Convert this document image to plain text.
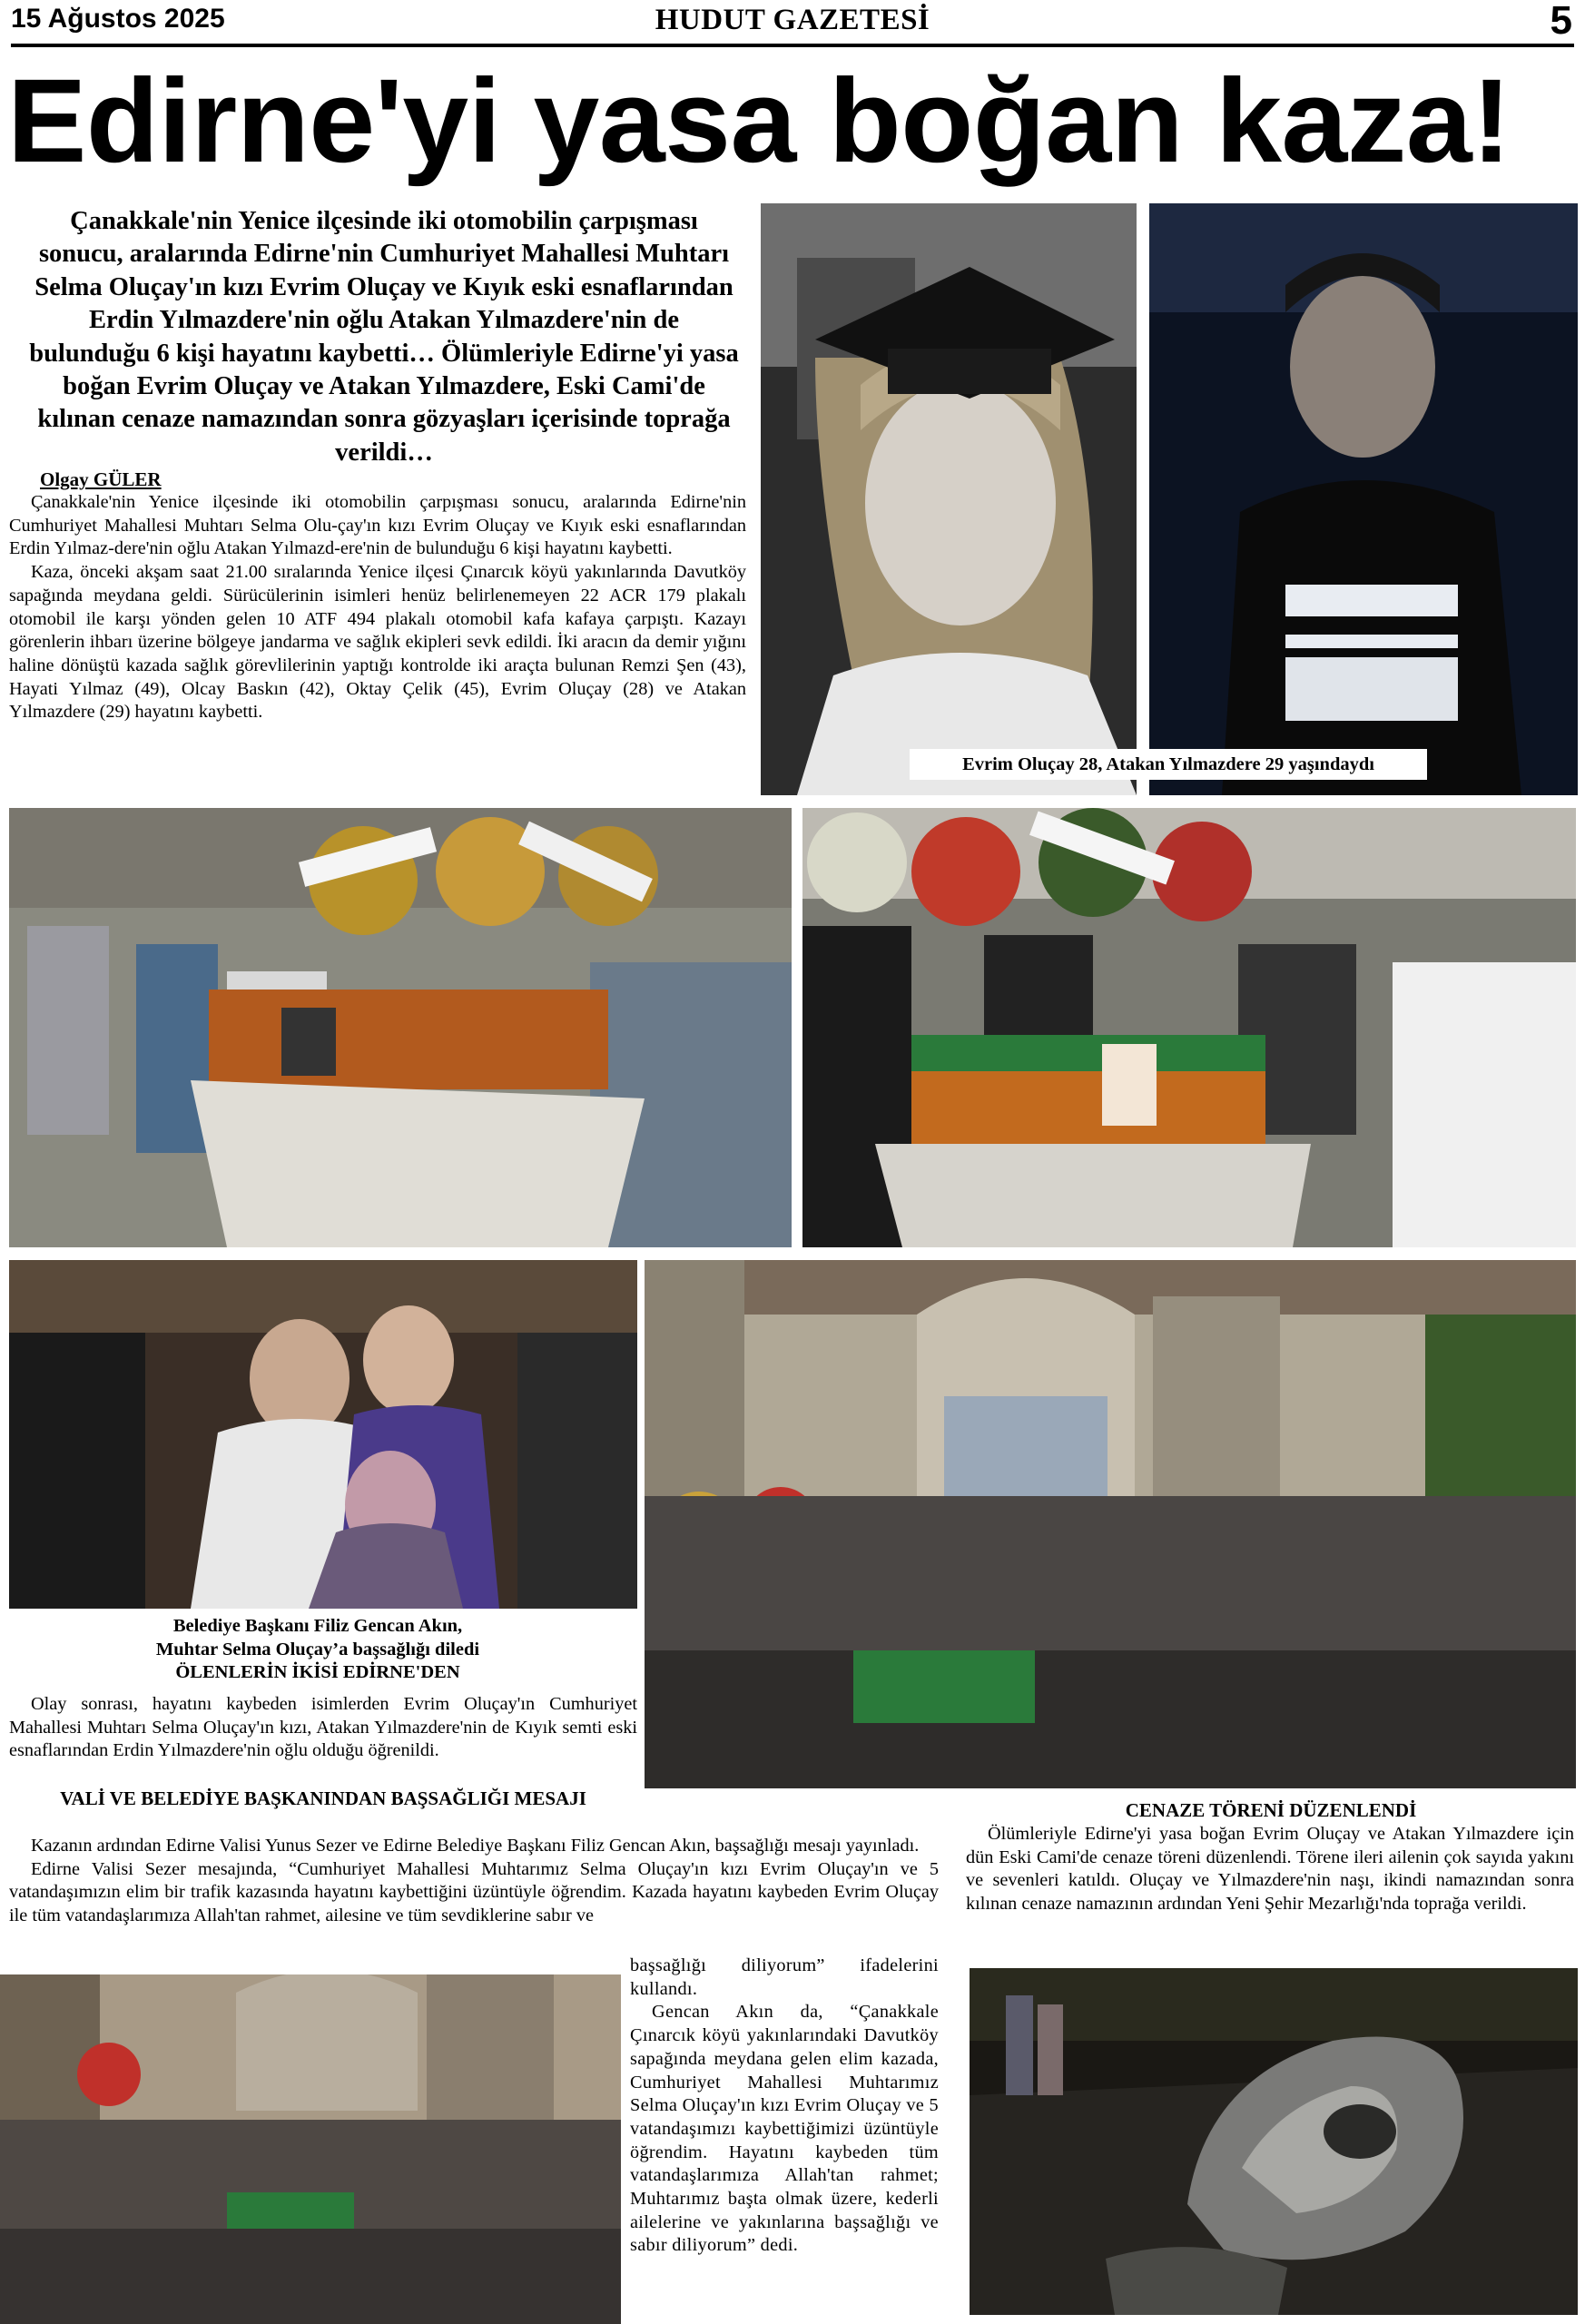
15 Ağustos 2025	HUDUT GAZETESİ	5
Edirne'yi yasa boğan kaza!
Çanakkale'nin Yenice ilçesinde iki otomobilin çarpışması sonucu, aralarında Edirne'nin Cumhuriyet Mahallesi Muhtarı Selma Oluçay'ın kızı Evrim Oluçay ve Kıyık eski esnaflarından Erdin Yılmazdere'nin oğlu Atakan Yılmazdere'nin de bulunduğu 6 kişi hayatını kaybetti… Ölümleriyle Edirne'yi yasa boğan Evrim Oluçay ve Atakan Yılmazdere, Eski Cami'de kılınan cenaze namazından sonra gözyaşları içerisinde toprağa verildi…
Olgay GÜLER

Çanakkale'nin Yenice ilçesinde iki otomobilin çarpışması sonucu, aralarında Edirne'nin Cumhuriyet Mahallesi Muhtarı Selma Olu-çay'ın kızı Evrim Oluçay ve Kıyık eski esnaflarından Erdin Yılmaz-dere'nin oğlu Atakan Yılmazd-ere'nin de bulunduğu 6 kişi hayatını kaybetti.

Kaza, önceki akşam saat 21.00 sıralarında Yenice ilçesi Çınarcık köyü yakınlarında Davutköy sapağında meydana geldi. Sürücülerinin isimleri henüz belirlenemeyen 22 ACR 179 plakalı otomobil ile karşı yönden gelen 10 ATF 494 plakalı otomobil kafa kafaya çarpıştı. Kazayı görenlerin ihbarı üzerine bölgeye jandarma ve sağlık ekipleri sevk edildi. İki aracın da demir yığını haline dönüştü kazada sağlık görevlilerinin yaptığı kontrolde iki araçta bulunan Remzi Şen (43), Hayati Yılmaz (49), Olcay Baskın (42), Oktay Çelik (45), Evrim Oluçay (28) ve Atakan Yılmazdere (29) hayatını kaybetti.

Evrim Oluçay 28, Atakan Yılmazdere 29 yaşındaydı
Belediye Başkanı Filiz Gencan Akın,
Muhtar Selma Oluçay’a başsağlığı diledi
ÖLENLERİN İKİSİ EDİRNE'DEN

Olay sonrası, hayatını kaybeden isimlerden Evrim Oluçay'ın Cumhuriyet Mahallesi Muhtarı Selma Oluçay'ın kızı, Atakan Yılmazdere'nin de Kıyık semti eski esnaflarından Erdin Yılmazdere'nin oğlu olduğu öğrenildi.

VALİ VE BELEDİYE BAŞKANINDAN BAŞSAĞLIĞI MESAJI

Kazanın ardından Edirne Valisi Yunus Sezer ve Edirne Belediye Başkanı Filiz Gencan Akın, başsağlığı mesajı yayınladı.

Edirne Valisi Sezer mesajında, “Cumhuriyet Mahallesi Muhtarımız Selma Oluçay'ın kızı Evrim Oluçay'ın ve 5 vatandaşımızın elim bir trafik kazasında hayatını kaybettiğini üzüntüyle öğrendim. Kazada hayatını kaybeden Evrim Oluçay ile tüm vatandaşlarımıza Allah'tan rahmet, ailesine ve tüm sevdiklerine sabır ve

başsağlığı diliyorum” ifadelerini kullandı.

Gencan Akın da, “Çanakkale Çınarcık köyü yakınlarındaki Davutköy sapağında meydana gelen elim kazada, Cumhuriyet Mahallesi Muhtarımız Selma Oluçay'ın kızı Evrim Oluçay ve 5 vatandaşımızı kaybettiğimizi üzüntüyle öğrendim. Hayatını kaybeden tüm vatandaşlarımıza Allah'tan rahmet; Muhtarımız başta olmak üzere, kederli ailelerine ve yakınlarına başsağlığı ve sabır diliyorum” dedi.

CENAZE TÖRENİ DÜZENLENDİ

Ölümleriyle Edirne'yi yasa boğan Evrim Oluçay ve Atakan Yılmazdere için dün Eski Cami'de cenaze töreni düzenlendi. Törene ileri ailenin çok sayıda yakını ve sevenleri katıldı. Oluçay ve Yılmazdere'nin naşı, ikindi namazından sonra kılınan cenaze namazının ardından Yeni Şehir Mezarlığı'nda toprağa verildi.
